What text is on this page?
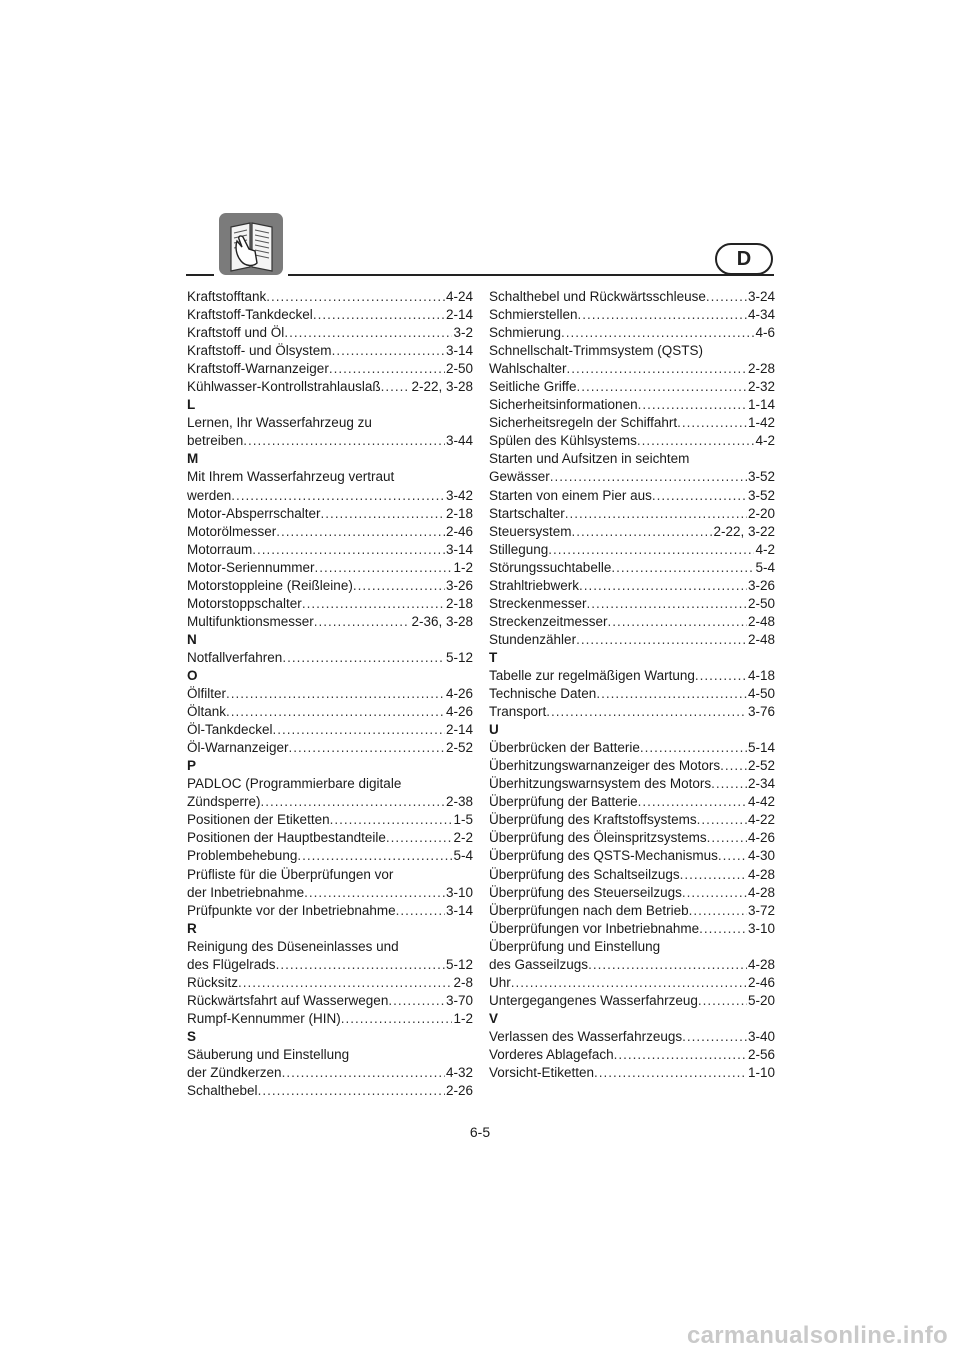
D
Kraftstofftank .....	4-24
Kraftstoff-Tankdeckel .....	2-14
Kraftstoff und Öl .....	3-2
Kraftstoff- und Ölsystem .....	3-14
Kraftstoff-Warnanzeiger .....	2-50
Kühlwasser-Kontrollstrahlauslaß ..... 2-22, 3-28
L
Lernen, Ihr Wasserfahrzeug zu
betreiben .....	3-44
M
Mit Ihrem Wasserfahrzeug vertraut
werden .....	3-42
Motor-Absperrschalter .....	2-18
Motorölmesser .....	2-46
Motorraum .....	3-14
Motor-Seriennummer .....	1-2
Motorstoppleine (Reißleine) .....	3-26
Motorstoppschalter .....	2-18
Multifunktionsmesser .....	2-36, 3-28
N
Notfallverfahren .....	5-12
O
Ölfilter .....	4-26
Öltank .....	4-26
Öl-Tankdeckel .....	2-14
Öl-Warnanzeiger .....	2-52
P
PADLOC (Programmierbare digitale
Zündsperre) .....	2-38
Positionen der Etiketten .....	1-5
Positionen der Hauptbestandteile .....	2-2
Problembehebung .....	5-4
Prüfliste für die Überprüfungen vor
der Inbetriebnahme .....	3-10
Prüfpunkte vor der Inbetriebnahme .....	3-14
R
Reinigung des Düseneinlasses und
des Flügelrads .....	5-12
Rücksitz .....	2-8
Rückwärtsfahrt auf Wasserwegen .....	3-70
Rumpf-Kennummer (HIN) .....	1-2
S
Säuberung und Einstellung
der Zündkerzen .....	4-32
Schalthebel .....	2-26
Schalthebel und Rückwärtsschleuse .....	3-24
Schmierstellen .....	4-34
Schmierung .....	4-6
Schnellschalt-Trimmsystem (QSTS)
Wahlschalter .....	2-28
Seitliche Griffe .....	2-32
Sicherheitsinformationen .....	1-14
Sicherheitsregeln der Schiffahrt .....	1-42
Spülen des Kühlsystems .....	4-2
Starten und Aufsitzen in seichtem
Gewässer .....	3-52
Starten von einem Pier aus .....	3-52
Startschalter .....	2-20
Steuersystem .....	2-22, 3-22
Stillegung .....	4-2
Störungssuchtabelle .....	5-4
Strahltriebwerk .....	3-26
Streckenmesser .....	2-50
Streckenzeitmesser .....	2-48
Stundenzähler .....	2-48
T
Tabelle zur regelmäßigen Wartung .....	4-18
Technische Daten .....	4-50
Transport .....	3-76
U
Überbrücken der Batterie .....	5-14
Überhitzungswarnanzeiger des Motors ..... 2-52
Überhitzungswarnsystem des Motors .....	2-34
Überprüfung der Batterie .....	4-42
Überprüfung des Kraftstoffsystems .....	4-22
Überprüfung des Öleinspritzsystems .....	4-26
Überprüfung des QSTS-Mechanismus ..... 4-30
Überprüfung des Schaltseilzugs .....	4-28
Überprüfung des Steuerseilzugs .....	4-28
Überprüfungen nach dem Betrieb .....	3-72
Überprüfungen vor Inbetriebnahme .....	3-10
Überprüfung und Einstellung
des Gasseilzugs .....	4-28
Uhr .....	2-46
Untergegangenes Wasserfahrzeug .....	5-20
V
Verlassen des Wasserfahrzeugs .....	3-40
Vorderes Ablagefach .....	2-56
Vorsicht-Etiketten .....	1-10
6-5
carmanualsonline.info
